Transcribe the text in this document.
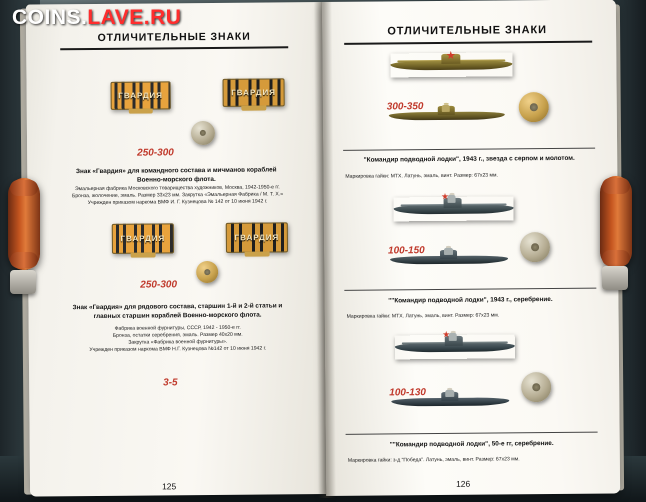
ОТЛИЧИТЕЛЬНЫЕ ЗНАКИ
ГВАРДИЯ	ГВАРДИЯ
250-300
Знак «Гвардия» для командного состава и мичманов кораблей
Военно-морского флота.
Эмальерная фабрика Московского товарищества художников, Москва, 1942-1950-е гг.
Бронза, жолочение, эмаль. Размер 33х23 мм. Закрутка «Эмальерная Фабрика / М. Т. Х.»
Учрежден приказом наркома ВМФ И. Г. Кузнецова № 142 от 10 июня 1942 г.
ГВАРДИЯ	ГВАРДИЯ
250-300
Знак «Гвардия» для рядового состава, старшин 1-й и 2-й статьи и
главных старшин кораблей Военно-морского флота.
Фабрика военной фурнитуры, СССР, 1942 - 1950-е гг.
Бронза, остатки серебрения, эмаль. Размер 40х20 мм.
Закрутка «Фабрика военной фурнитуры».
Учрежден приказом наркома ВМФ Н.Г. Кузнецова №142 от 10 июня 1942 г.
3-5
125
ОТЛИЧИТЕЛЬНЫЕ ЗНАКИ
300-350
"Командир подводной лодки", 1943 г., звезда с серпом и молотом.
Маркировка гайки: МТХ. Латунь, эмаль, винт. Размер: 67х23 мм.
100-150
""Командир подводной лодки", 1943 г., серебрение.
Маркировка гайки: МТХ. Латунь, эмаль, винт. Размер: 67х23 мм.
100-130
""Командир подводной лодки", 50-е гг, серебрение.
Маркировка гайки: з-д "Победа". Латунь, эмаль, винт. Размер: 67х23 мм.
126
COINS.LAVE.RU
